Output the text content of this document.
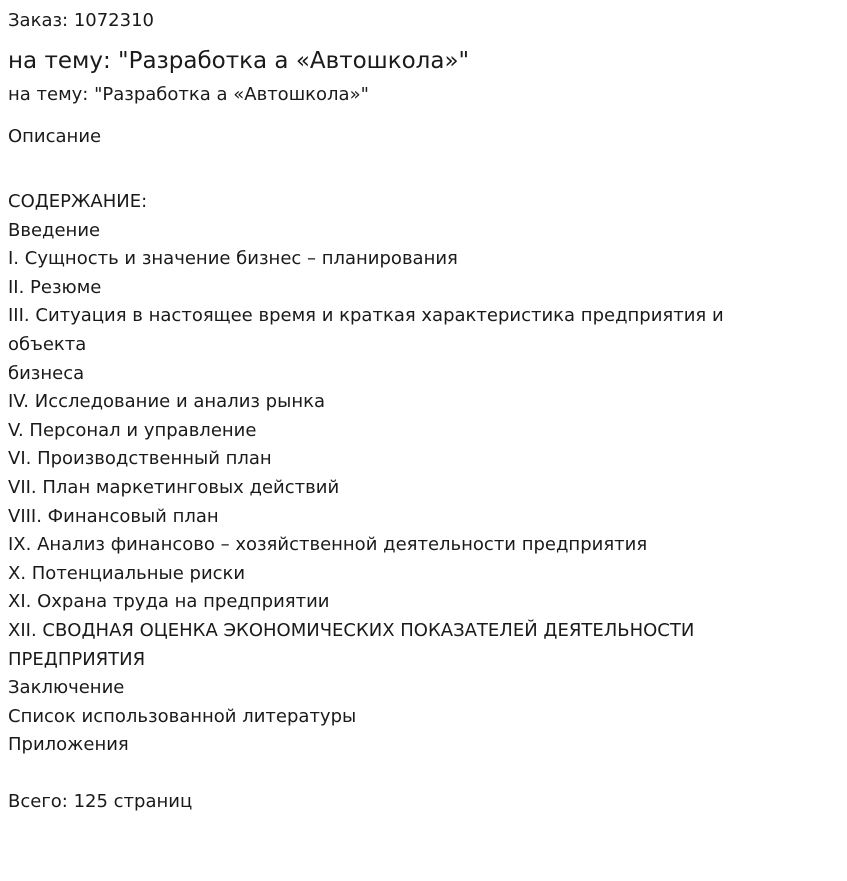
Заказ: 1072310

на тему: "Разработка а «Автошкола»"
на тему: "Разработка а «Автошкола»"

Описание

СОДЕРЖАНИЕ:
Введение
I. Сущность и значение бизнес – планирования
II. Резюме
III. Ситуация в настоящее время и краткая характеристика предприятия и объекта
бизнеса
IV. Исследование и анализ рынка
V. Персонал и управление
VI. Производственный план
VII. План маркетинговых действий
VIII. Финансовый план
IX. Анализ финансово – хозяйственной деятельности предприятия
X. Потенциальные риски
XI. Охрана труда на предприятии
XII. СВОДНАЯ ОЦЕНКА ЭКОНОМИЧЕСКИХ ПОКАЗАТЕЛЕЙ ДЕЯТЕЛЬНОСТИ ПРЕДПРИЯТИЯ
Заключение
Список использованной литературы
Приложения

Всего: 125 страниц
